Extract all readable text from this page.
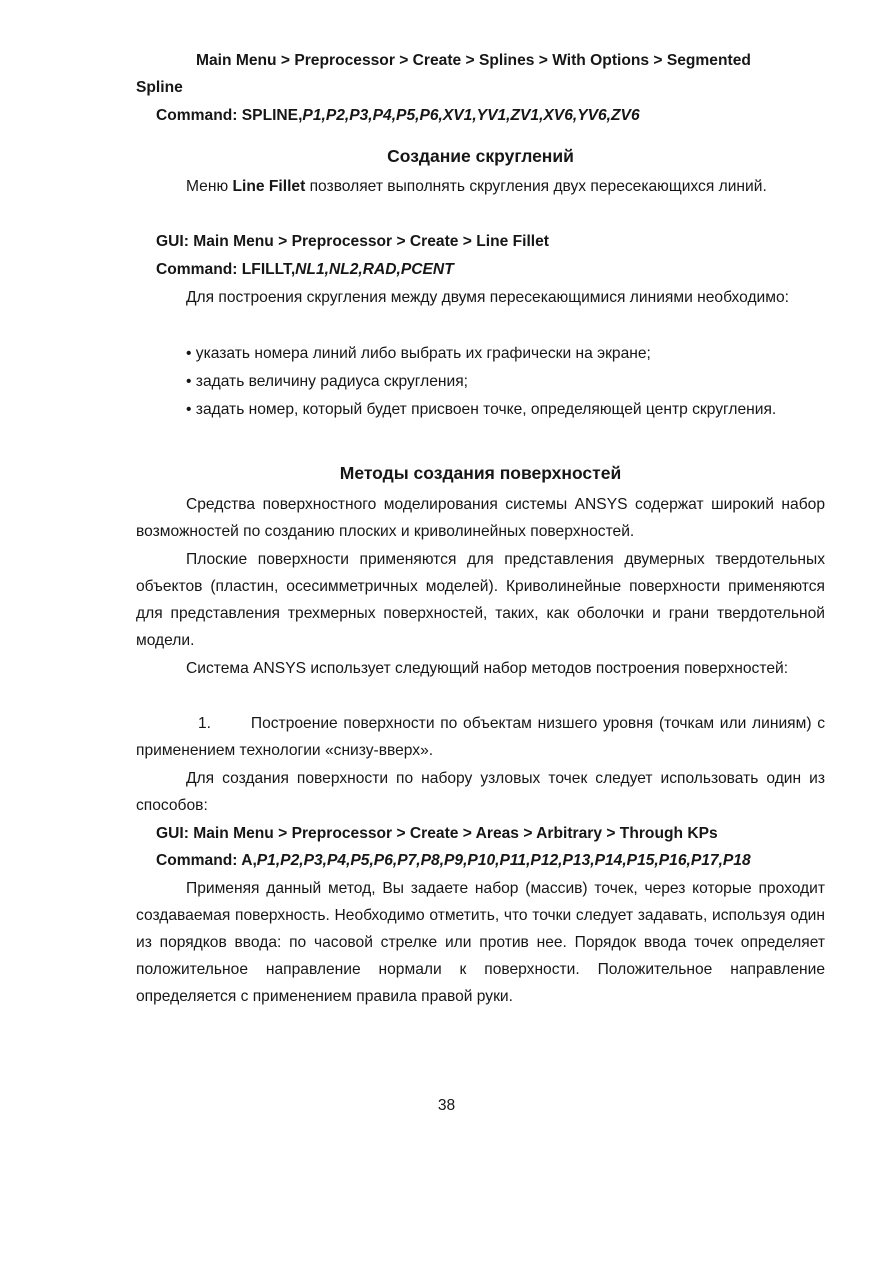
Main Menu > Preprocessor > Create > Splines > With Options > Segmented

Spline

Command: SPLINE,P1,P2,P3,P4,P5,P6,XV1,YV1,ZV1,XV6,YV6,ZV6

Создание скруглений

Меню Line Fillet позволяет выполнять скругления двух пересекающихся линий.

GUI: Main Menu > Preprocessor > Create > Line Fillet

Command: LFILLT,NL1,NL2,RAD,PCENT

Для построения скругления между двумя пересекающимися линиями необходимо:

• указать номера линий либо выбрать их графически на экране;

• задать величину радиуса скругления;

• задать номер, который будет присвоен точке, определяющей центр скругления.

Методы создания поверхностей

Средства поверхностного моделирования системы ANSYS содержат широкий набор возможностей по созданию плоских и криволинейных поверхностей.

Плоские поверхности применяются для представления двумерных твердотельных объектов (пластин, осесимметричных моделей). Криволинейные поверхности применяются для представления трехмерных поверхностей, таких, как оболочки и грани твердотельной модели.

Система ANSYS использует следующий набор методов построения поверхностей:

1.	Построение поверхности по объектам низшего уровня (точкам или линиям) с применением технологии «снизу-вверх».

Для создания поверхности по набору узловых точек следует использовать один из способов:

GUI: Main Menu > Preprocessor > Create > Areas > Arbitrary > Through KPs

Command: A,P1,P2,P3,P4,P5,P6,P7,P8,P9,P10,P11,P12,P13,P14,P15,P16,P17,P18

Применяя данный метод, Вы задаете набор (массив) точек, через которые проходит создаваемая поверхность. Необходимо отметить, что точки следует задавать, используя один из порядков ввода: по часовой стрелке или против нее. Порядок ввода точек определяет положительное направление нормали к поверхности. Положительное направление определяется с применением правила правой руки.

38
